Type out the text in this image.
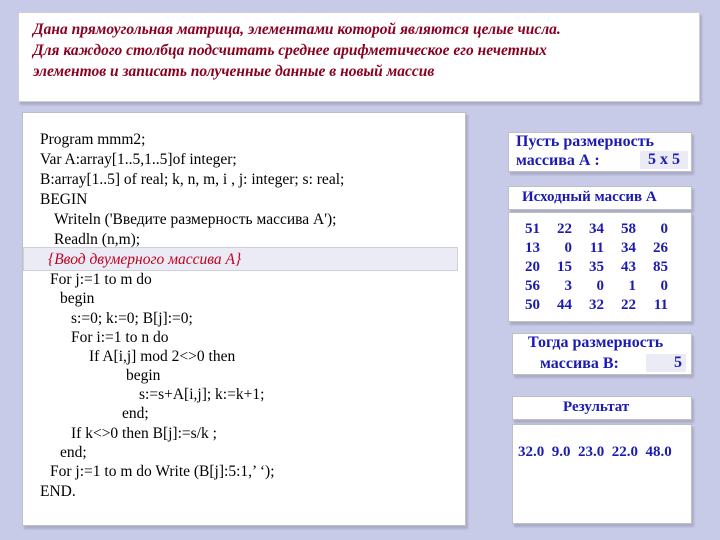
Дана прямоугольная матрица, элементами которой являются целые числа.
Для каждого столбца подсчитать среднее арифметическое его нечетных
элементов и записать полученные данные в новый массив
Program mmm2;
Var A:array[1..5,1..5]of integer;
B:array[1..5] of real; k, n, m, i , j: integer; s: real;
BEGIN
Writeln ('Введите размерность массива А');
Readln (n,m);
{Ввод двумерного массива А}
For j:=1 to m do
begin
s:=0; k:=0; B[j]:=0;
For i:=1 to n do
If A[i,j] mod 2<>0 then
begin
s:=s+A[i,j]; k:=k+1;
end;
If k<>0 then B[j]:=s/k ;
end;
For j:=1 to m do Write (B[j]:5:1,’ ‘);
END.
Пусть размерность
массива А :	5 х 5
Исходный массив А
51	22	34	58	0
13	0	11	34	26
20	15	35	43	85
56	3	0	1	0
50	44	32	22	11
Тогда размерность
массива В:	5
Результат
32.0  9.0  23.0  22.0  48.0
